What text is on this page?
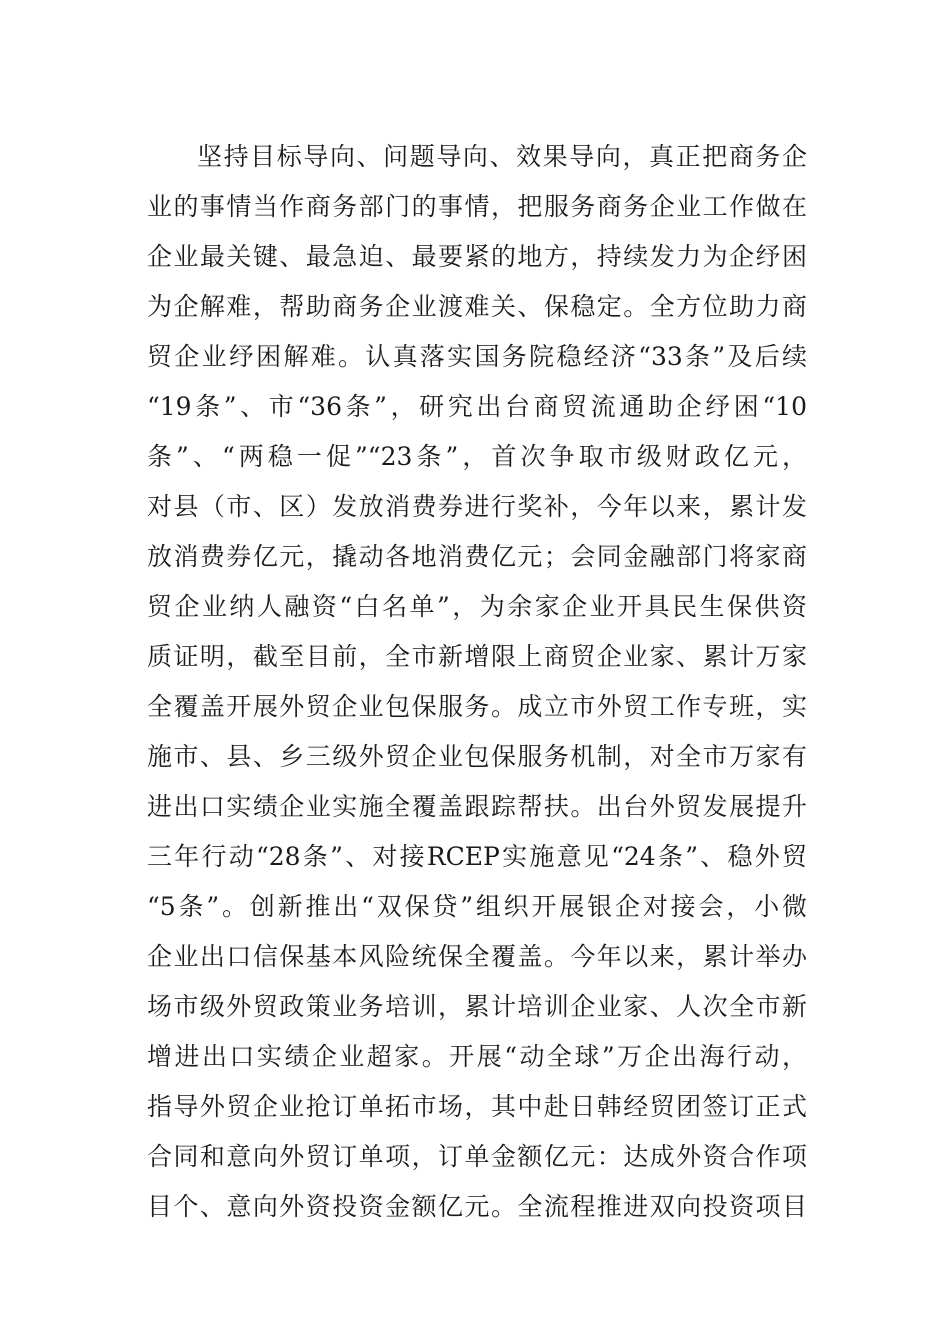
坚持目标导向、问题导向、效果导向，真正把商务企
业的事情当作商务部门的事情，把服务商务企业工作做在
企业最关键、最急迫、最要紧的地方，持续发力为企纾困
为企解难，帮助商务企业渡难关、保稳定。全方位助力商
贸企业纾困解难。认真落实国务院稳经济“33条”及后续
“19条”、市“36条”，研究出台商贸流通助企纾困“10
条”、“两稳一促”“23条”，首次争取市级财政亿元，
对县（市、区）发放消费券进行奖补，今年以来，累计发
放消费券亿元，撬动各地消费亿元；会同金融部门将家商
贸企业纳人融资“白名单”，为余家企业开具民生保供资
质证明，截至目前，全市新增限上商贸企业家、累计万家
全覆盖开展外贸企业包保服务。成立市外贸工作专班，实
施市、县、乡三级外贸企业包保服务机制，对全市万家有
进出口实绩企业实施全覆盖跟踪帮扶。出台外贸发展提升
三年行动“28条”、对接RCEP实施意见“24条”、稳外贸
“5条”。创新推出“双保贷”组织开展银企对接会，小微
企业出口信保基本风险统保全覆盖。今年以来，累计举办
场市级外贸政策业务培训，累计培训企业家、人次全市新
增进出口实绩企业超家。开展“动全球”万企出海行动，
指导外贸企业抢订单拓市场，其中赴日韩经贸团签订正式
合同和意向外贸订单项，订单金额亿元：达成外资合作项
目个、意向外资投资金额亿元。全流程推进双向投资项目
